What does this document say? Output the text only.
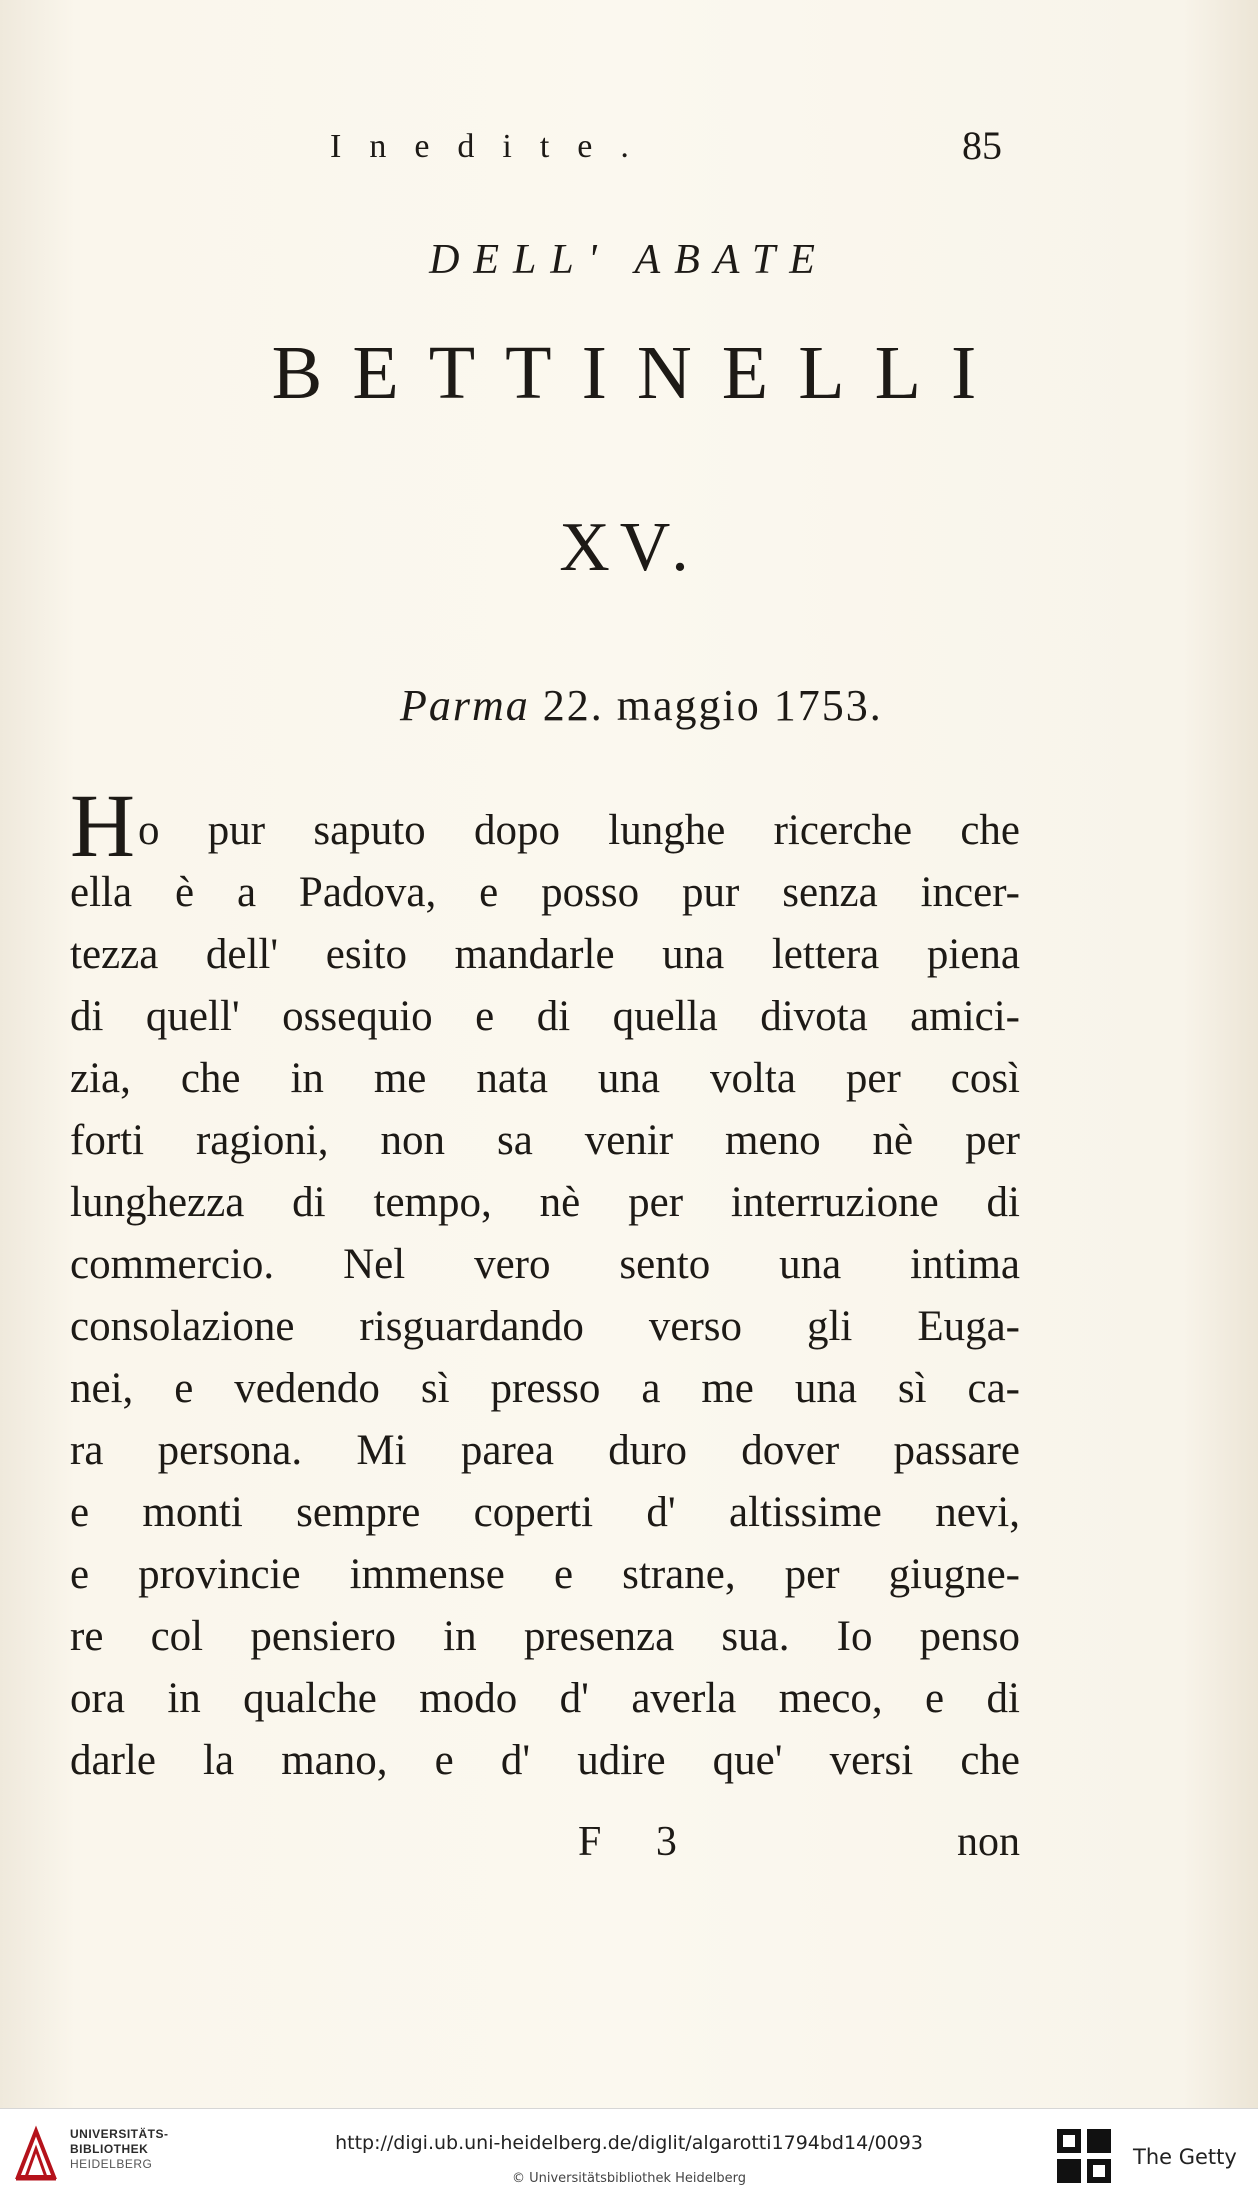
Inedite.	85
DELL' ABATE
BETTINELLI
XV.
Parma 22. maggio 1753.
H o pur saputo dopo lunghe ricerche che
ella è a Padova, e posso pur senza incer-
tezza dell' esito mandarle una lettera piena
di quell' ossequio e di quella divota amici-
zia, che in me nata una volta per così
forti ragioni, non sa venir meno nè per
lunghezza di tempo, nè per interruzione di
commercio. Nel vero sento una intima
consolazione risguardando verso gli Euga-
nei, e vedendo sì presso a me una sì ca-
ra persona. Mi parea duro dover passare
e monti sempre coperti d' altissime nevi,
e provincie immense e strane, per giugne-
re col pensiero in presenza sua. Io penso
ora in qualche modo d' averla meco, e di
darle la mano, e d' udire que' versi che
F 3	non
UNIVERSITÄTS-
BIBLIOTHEK
HEIDELBERG
http://digi.ub.uni-heidelberg.de/diglit/algarotti1794bd14/0093
© Universitätsbibliothek Heidelberg
The Getty
